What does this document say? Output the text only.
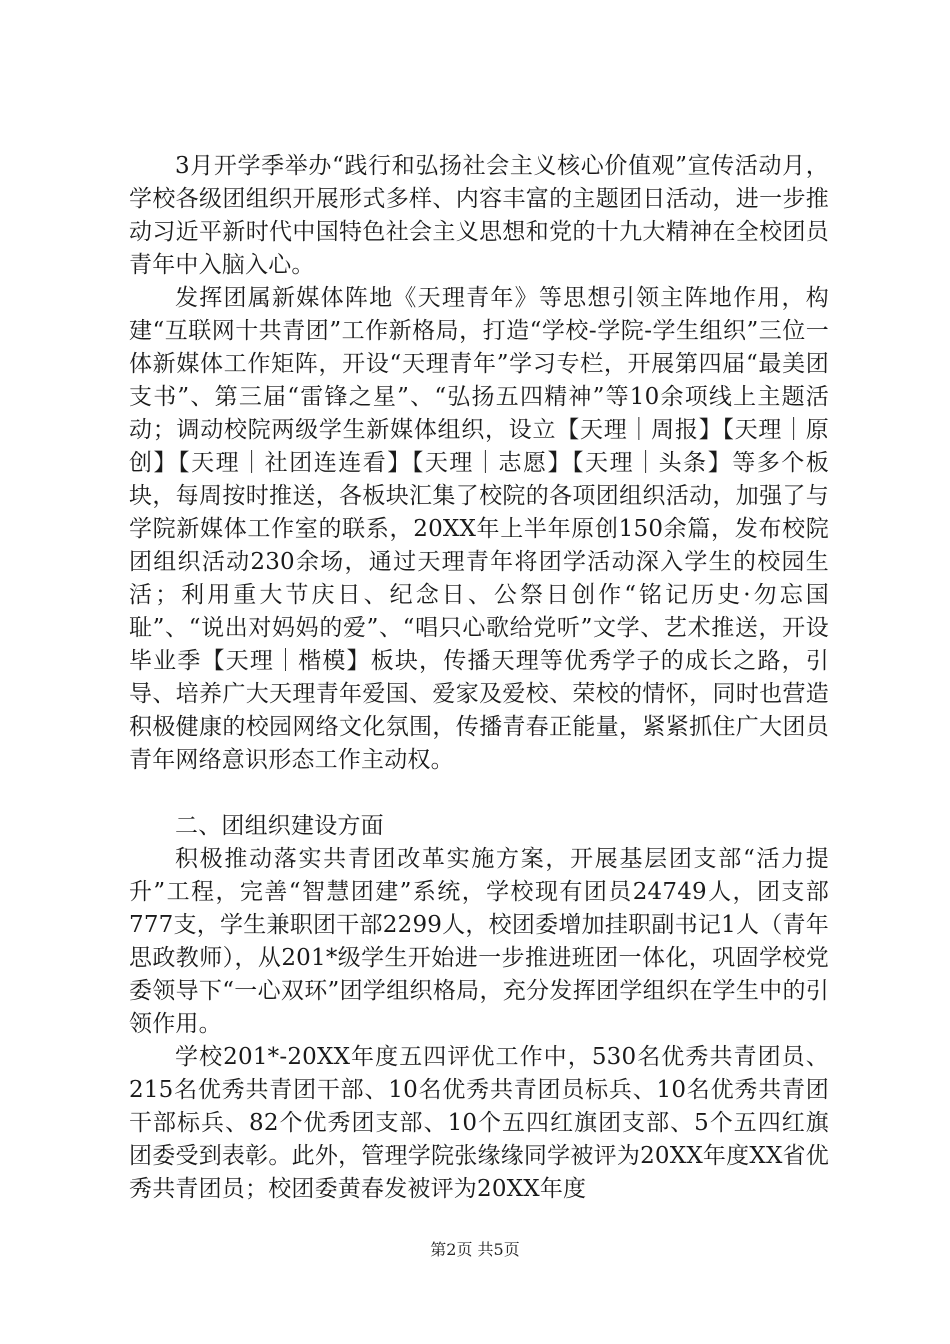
3月开学季举办“践行和弘扬社会主义核心价值观”宣传活动月，学校各级团组织开展形式多样、内容丰富的主题团日活动，进一步推动习近平新时代中国特色社会主义思想和党的十九大精神在全校团员青年中入脑入心。

发挥团属新媒体阵地《天理青年》等思想引领主阵地作用，构建“互联网十共青团”工作新格局，打造“学校-学院-学生组织”三位一体新媒体工作矩阵，开设“天理青年”学习专栏，开展第四届“最美团支书”、第三届“雷锋之星”、“弘扬五四精神”等10余项线上主题活动；调动校院两级学生新媒体组织，设立【天理｜周报】【天理｜原创】【天理｜社团连连看】【天理｜志愿】【天理｜头条】等多个板块，每周按时推送，各板块汇集了校院的各项团组织活动，加强了与学院新媒体工作室的联系，20XX年上半年原创150余篇，发布校院团组织活动230余场，通过天理青年将团学活动深入学生的校园生活；利用重大节庆日、纪念日、公祭日创作“铭记历史·勿忘国耻”、“说出对妈妈的爱”、“唱只心歌给党听”文学、艺术推送，开设毕业季【天理｜楷模】板块，传播天理等优秀学子的成长之路，引导、培养广大天理青年爱国、爱家及爱校、荣校的情怀，同时也营造积极健康的校园网络文化氛围，传播青春正能量，紧紧抓住广大团员青年网络意识形态工作主动权。

二、团组织建设方面

积极推动落实共青团改革实施方案，开展基层团支部“活力提升”工程，完善“智慧团建”系统，学校现有团员24749人，团支部777支，学生兼职团干部2299人，校团委增加挂职副书记1人（青年思政教师），从201*级学生开始进一步推进班团一体化，巩固学校党委领导下“一心双环”团学组织格局，充分发挥团学组织在学生中的引领作用。

学校201*-20XX年度五四评优工作中，530名优秀共青团员、215名优秀共青团干部、10名优秀共青团员标兵、10名优秀共青团干部标兵、82个优秀团支部、10个五四红旗团支部、5个五四红旗团委受到表彰。此外，管理学院张缘缘同学被评为20XX年度XX省优秀共青团员；校团委黄春发被评为20XX年度

第2页 共5页
